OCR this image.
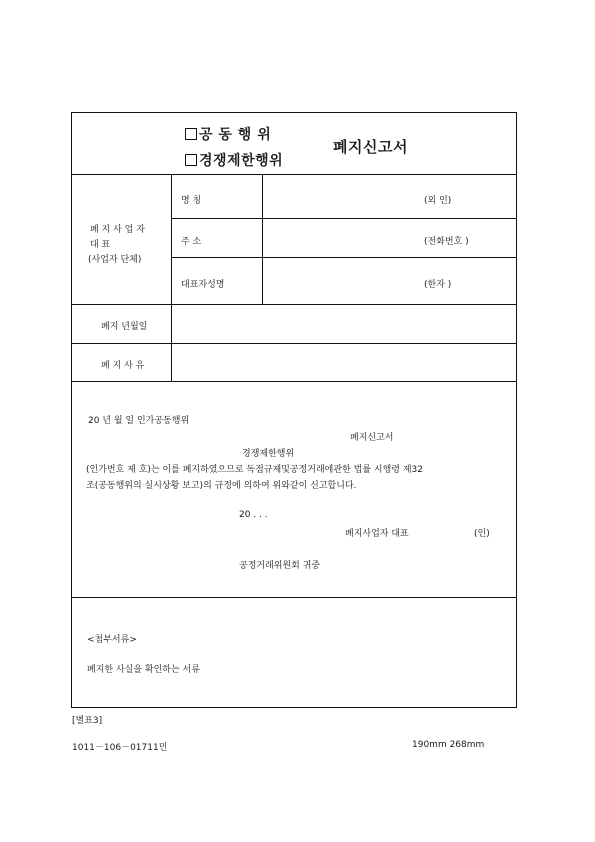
공 동 행 위
경쟁제한행위
폐지신고서
폐 지 사 업 자
대 표
(사업자 단체)
명 칭	(외 인)
주 소	(전화번호 )
대표자성명	(한자 )
폐지 년월일
폐 지 사 유
20 년 월 일 인가공동행위
폐지신고서
경쟁제한행위
(인가번호 제 호)는 이를 폐지하였으므로 독점규제및공정거래에관한 법률 시행령 제32
조(공동행위의 실시상황 보고)의 규정에 의하여 위와같이 신고합니다.
20 . . .
폐지사업자 대표	(인)
공정거래위원회 귀중
<첨부서류>
폐지한 사실을 확인하는 서류
[별표3]
1011－106－01711민	190mm 268mm
